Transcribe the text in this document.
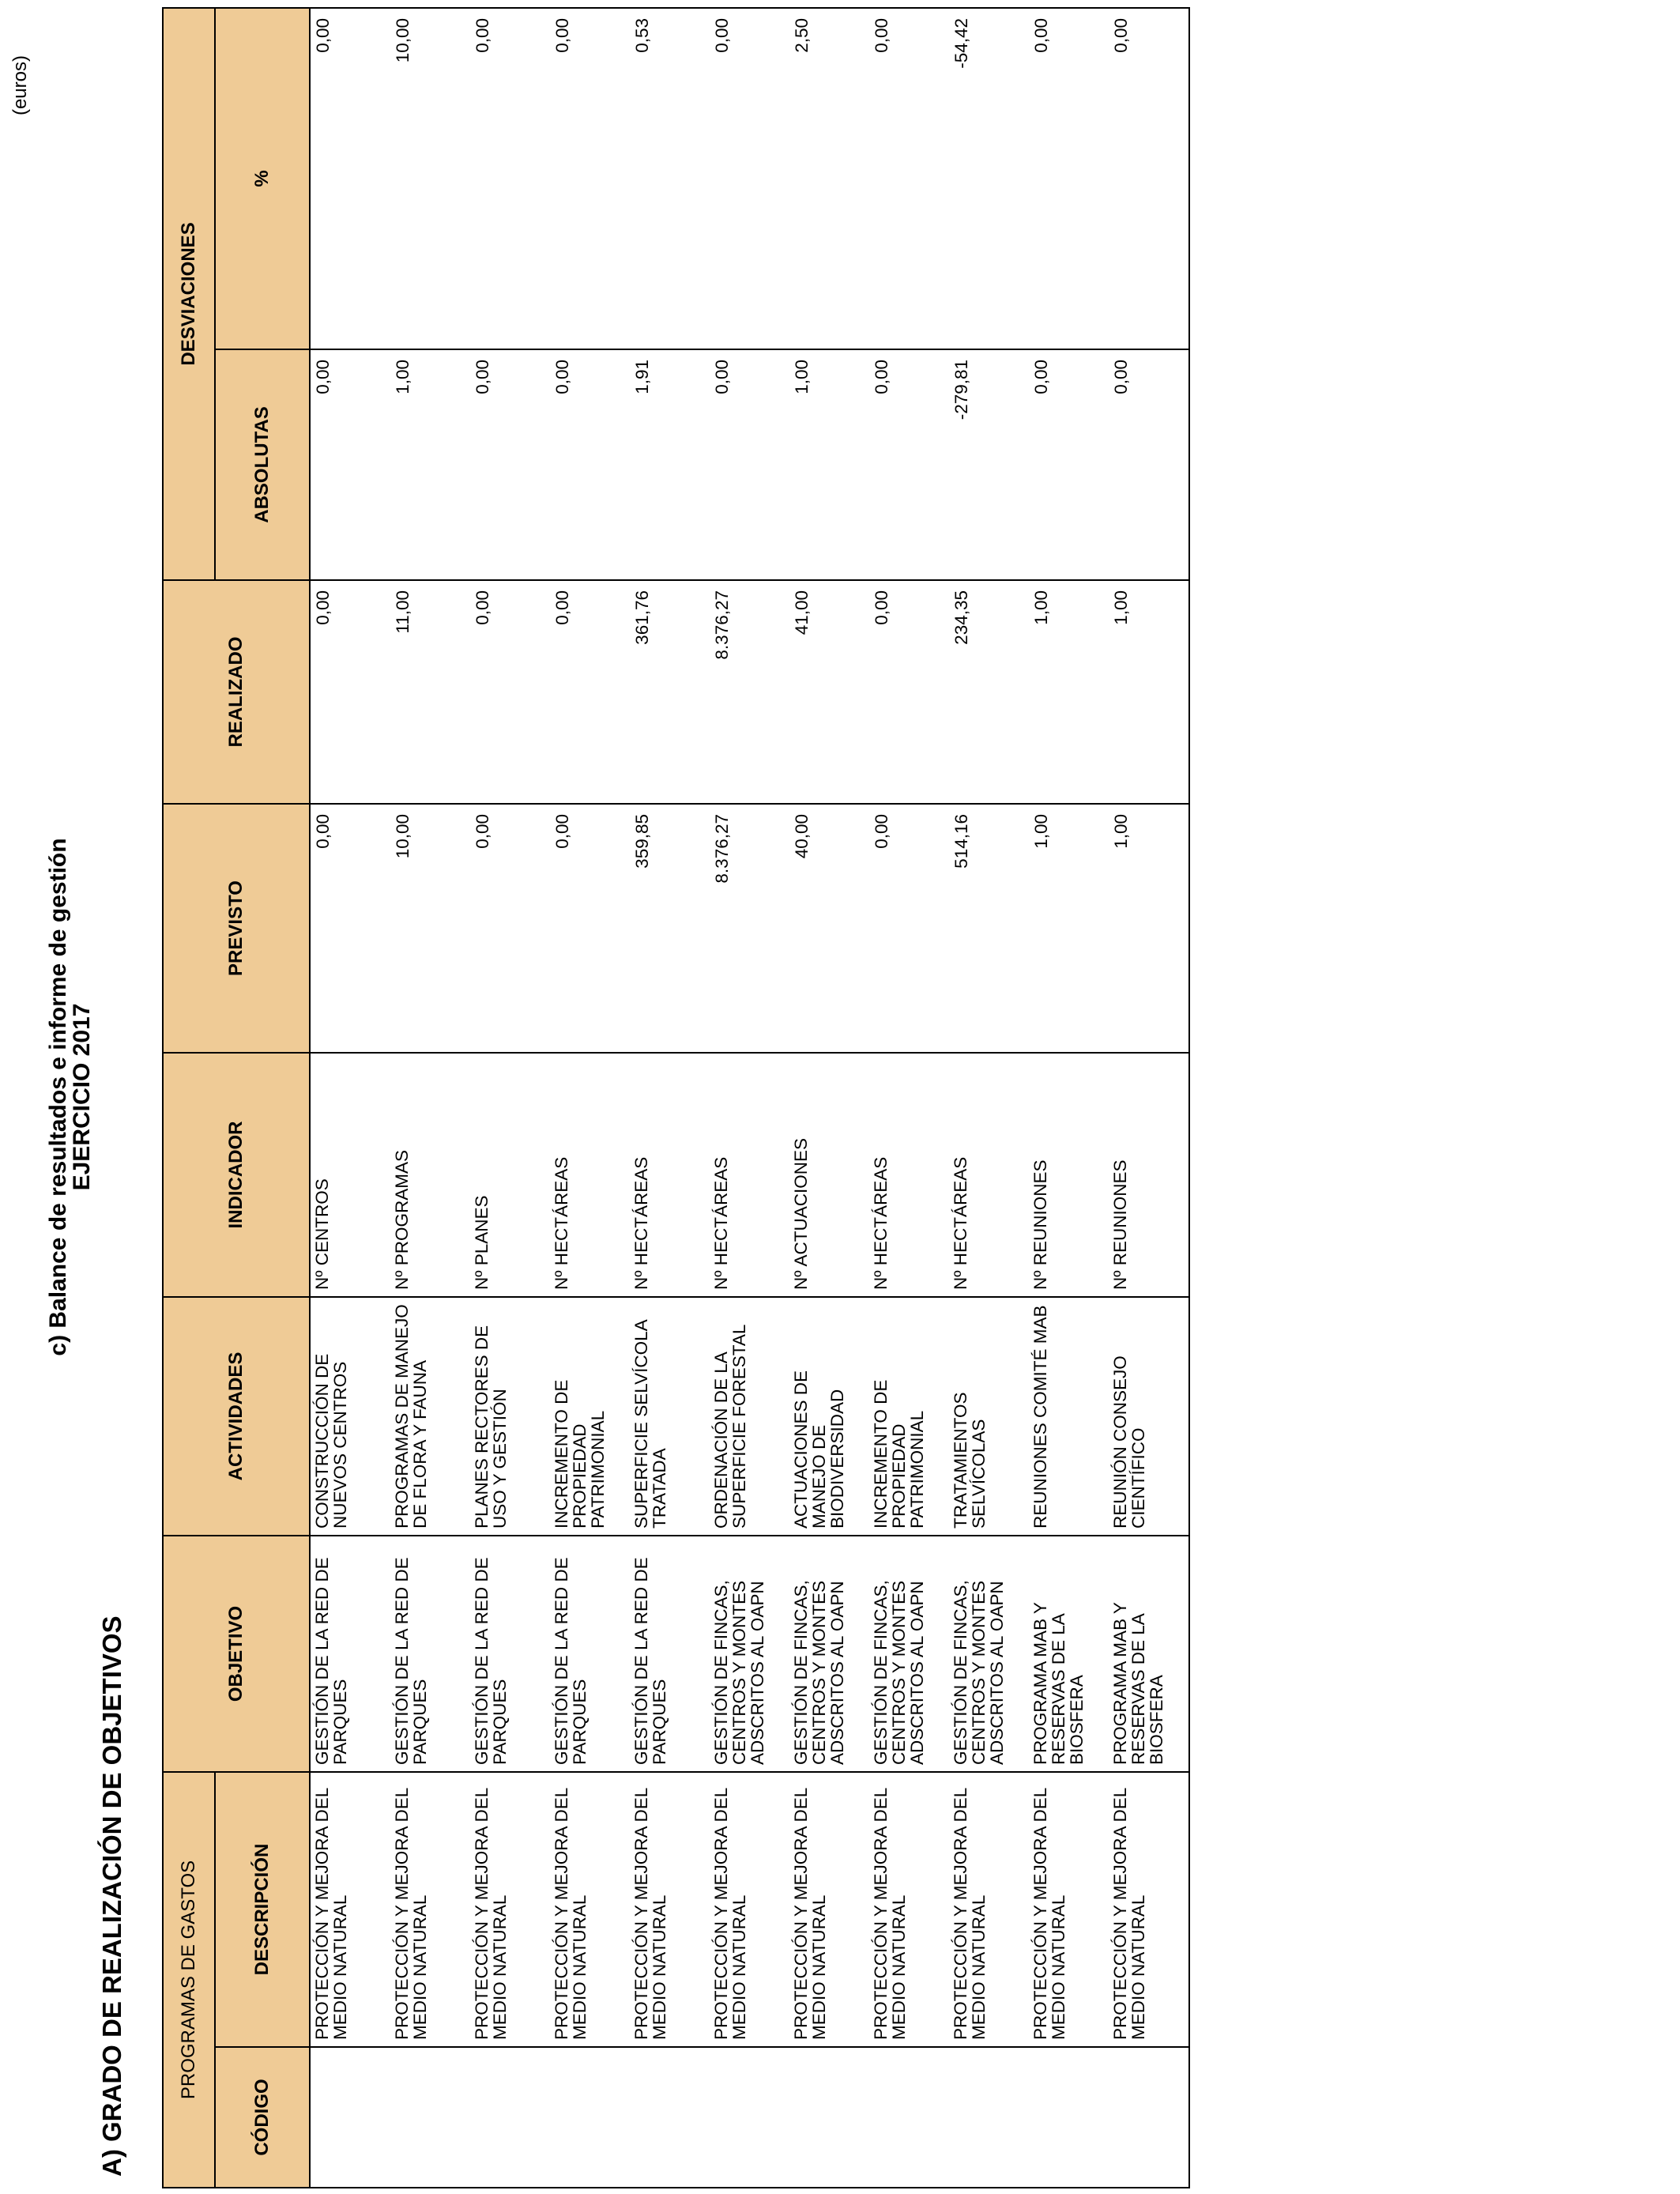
c) Balance de resultados e informe de gestión
EJERCICIO 2017
A) GRADO DE REALIZACIÓN DE OBJETIVOS
(euros)
PROGRAMAS DE GASTOS		OBJETIVO	ACTIVIDADES	INDICADOR	PREVISTO	REALIZADO	DESVIACIONES	
CÓDIGO	DESCRIPCIÓN						ABSOLUTAS	%
	PROTECCIÓN Y MEJORA DEL MEDIO NATURAL	GESTIÓN DE LA RED DE PARQUES	CONSTRUCCIÓN DE NUEVOS CENTROS	Nº CENTROS	0,00	0,00	0,00	0,00
	PROTECCIÓN Y MEJORA DEL MEDIO NATURAL	GESTIÓN DE LA RED DE PARQUES	PROGRAMAS DE MANEJO DE FLORA Y FAUNA	Nº PROGRAMAS	10,00	11,00	1,00	10,00
	PROTECCIÓN Y MEJORA DEL MEDIO NATURAL	GESTIÓN DE LA RED DE PARQUES	PLANES RECTORES DE USO Y GESTIÓN	Nº PLANES	0,00	0,00	0,00	0,00
	PROTECCIÓN Y MEJORA DEL MEDIO NATURAL	GESTIÓN DE LA RED DE PARQUES	INCREMENTO DE PROPIEDAD PATRIMONIAL	Nº HECTÁREAS	0,00	0,00	0,00	0,00
	PROTECCIÓN Y MEJORA DEL MEDIO NATURAL	GESTIÓN DE LA RED DE PARQUES	SUPERFICIE SELVÍCOLA TRATADA	Nº HECTÁREAS	359,85	361,76	1,91	0,53
	PROTECCIÓN Y MEJORA DEL MEDIO NATURAL	GESTIÓN DE FINCAS, CENTROS Y MONTES ADSCRITOS AL OAPN	ORDENACIÓN DE LA SUPERFICIE FORESTAL	Nº HECTÁREAS	8.376,27	8.376,27	0,00	0,00
	PROTECCIÓN Y MEJORA DEL MEDIO NATURAL	GESTIÓN DE FINCAS, CENTROS Y MONTES ADSCRITOS AL OAPN	ACTUACIONES DE MANEJO DE BIODIVERSIDAD	Nº ACTUACIONES	40,00	41,00	1,00	2,50
	PROTECCIÓN Y MEJORA DEL MEDIO NATURAL	GESTIÓN DE FINCAS, CENTROS Y MONTES ADSCRITOS AL OAPN	INCREMENTO DE PROPIEDAD PATRIMONIAL	Nº HECTÁREAS	0,00	0,00	0,00	0,00
	PROTECCIÓN Y MEJORA DEL MEDIO NATURAL	GESTIÓN DE FINCAS, CENTROS Y MONTES ADSCRITOS AL OAPN	TRATAMIENTOS SELVÍCOLAS	Nº HECTÁREAS	514,16	234,35	-279,81	-54,42
	PROTECCIÓN Y MEJORA DEL MEDIO NATURAL	PROGRAMA MAB Y RESERVAS DE LA BIOSFERA	REUNIONES COMITÉ MAB	Nº REUNIONES	1,00	1,00	0,00	0,00
	PROTECCIÓN Y MEJORA DEL MEDIO NATURAL	PROGRAMA MAB Y RESERVAS DE LA BIOSFERA	REUNIÓN CONSEJO CIENTÍFICO	Nº REUNIONES	1,00	1,00	0,00	0,00
